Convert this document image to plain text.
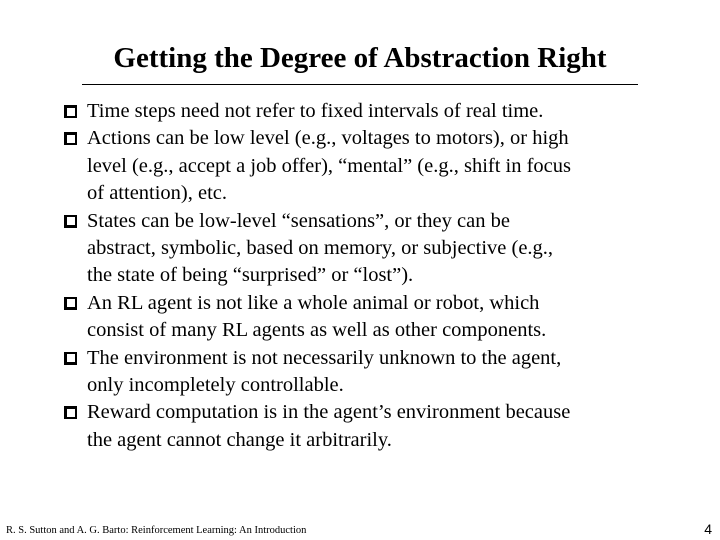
Getting the Degree of Abstraction Right
Time steps need not refer to fixed intervals of real time.
Actions can be low level (e.g., voltages to motors), or high
level (e.g., accept a job offer), “mental” (e.g., shift in focus
of attention), etc.
States can be low-level “sensations”, or they can be
abstract, symbolic, based on memory, or subjective (e.g.,
the state of being “surprised” or “lost”).
An RL agent is not like a whole animal or robot, which
consist of many RL agents as well as other components.
The environment is not necessarily unknown to the agent,
only incompletely controllable.
Reward computation is in the agent’s environment because
the agent cannot change it arbitrarily.
R. S. Sutton and A. G. Barto: Reinforcement Learning: An Introduction	4
